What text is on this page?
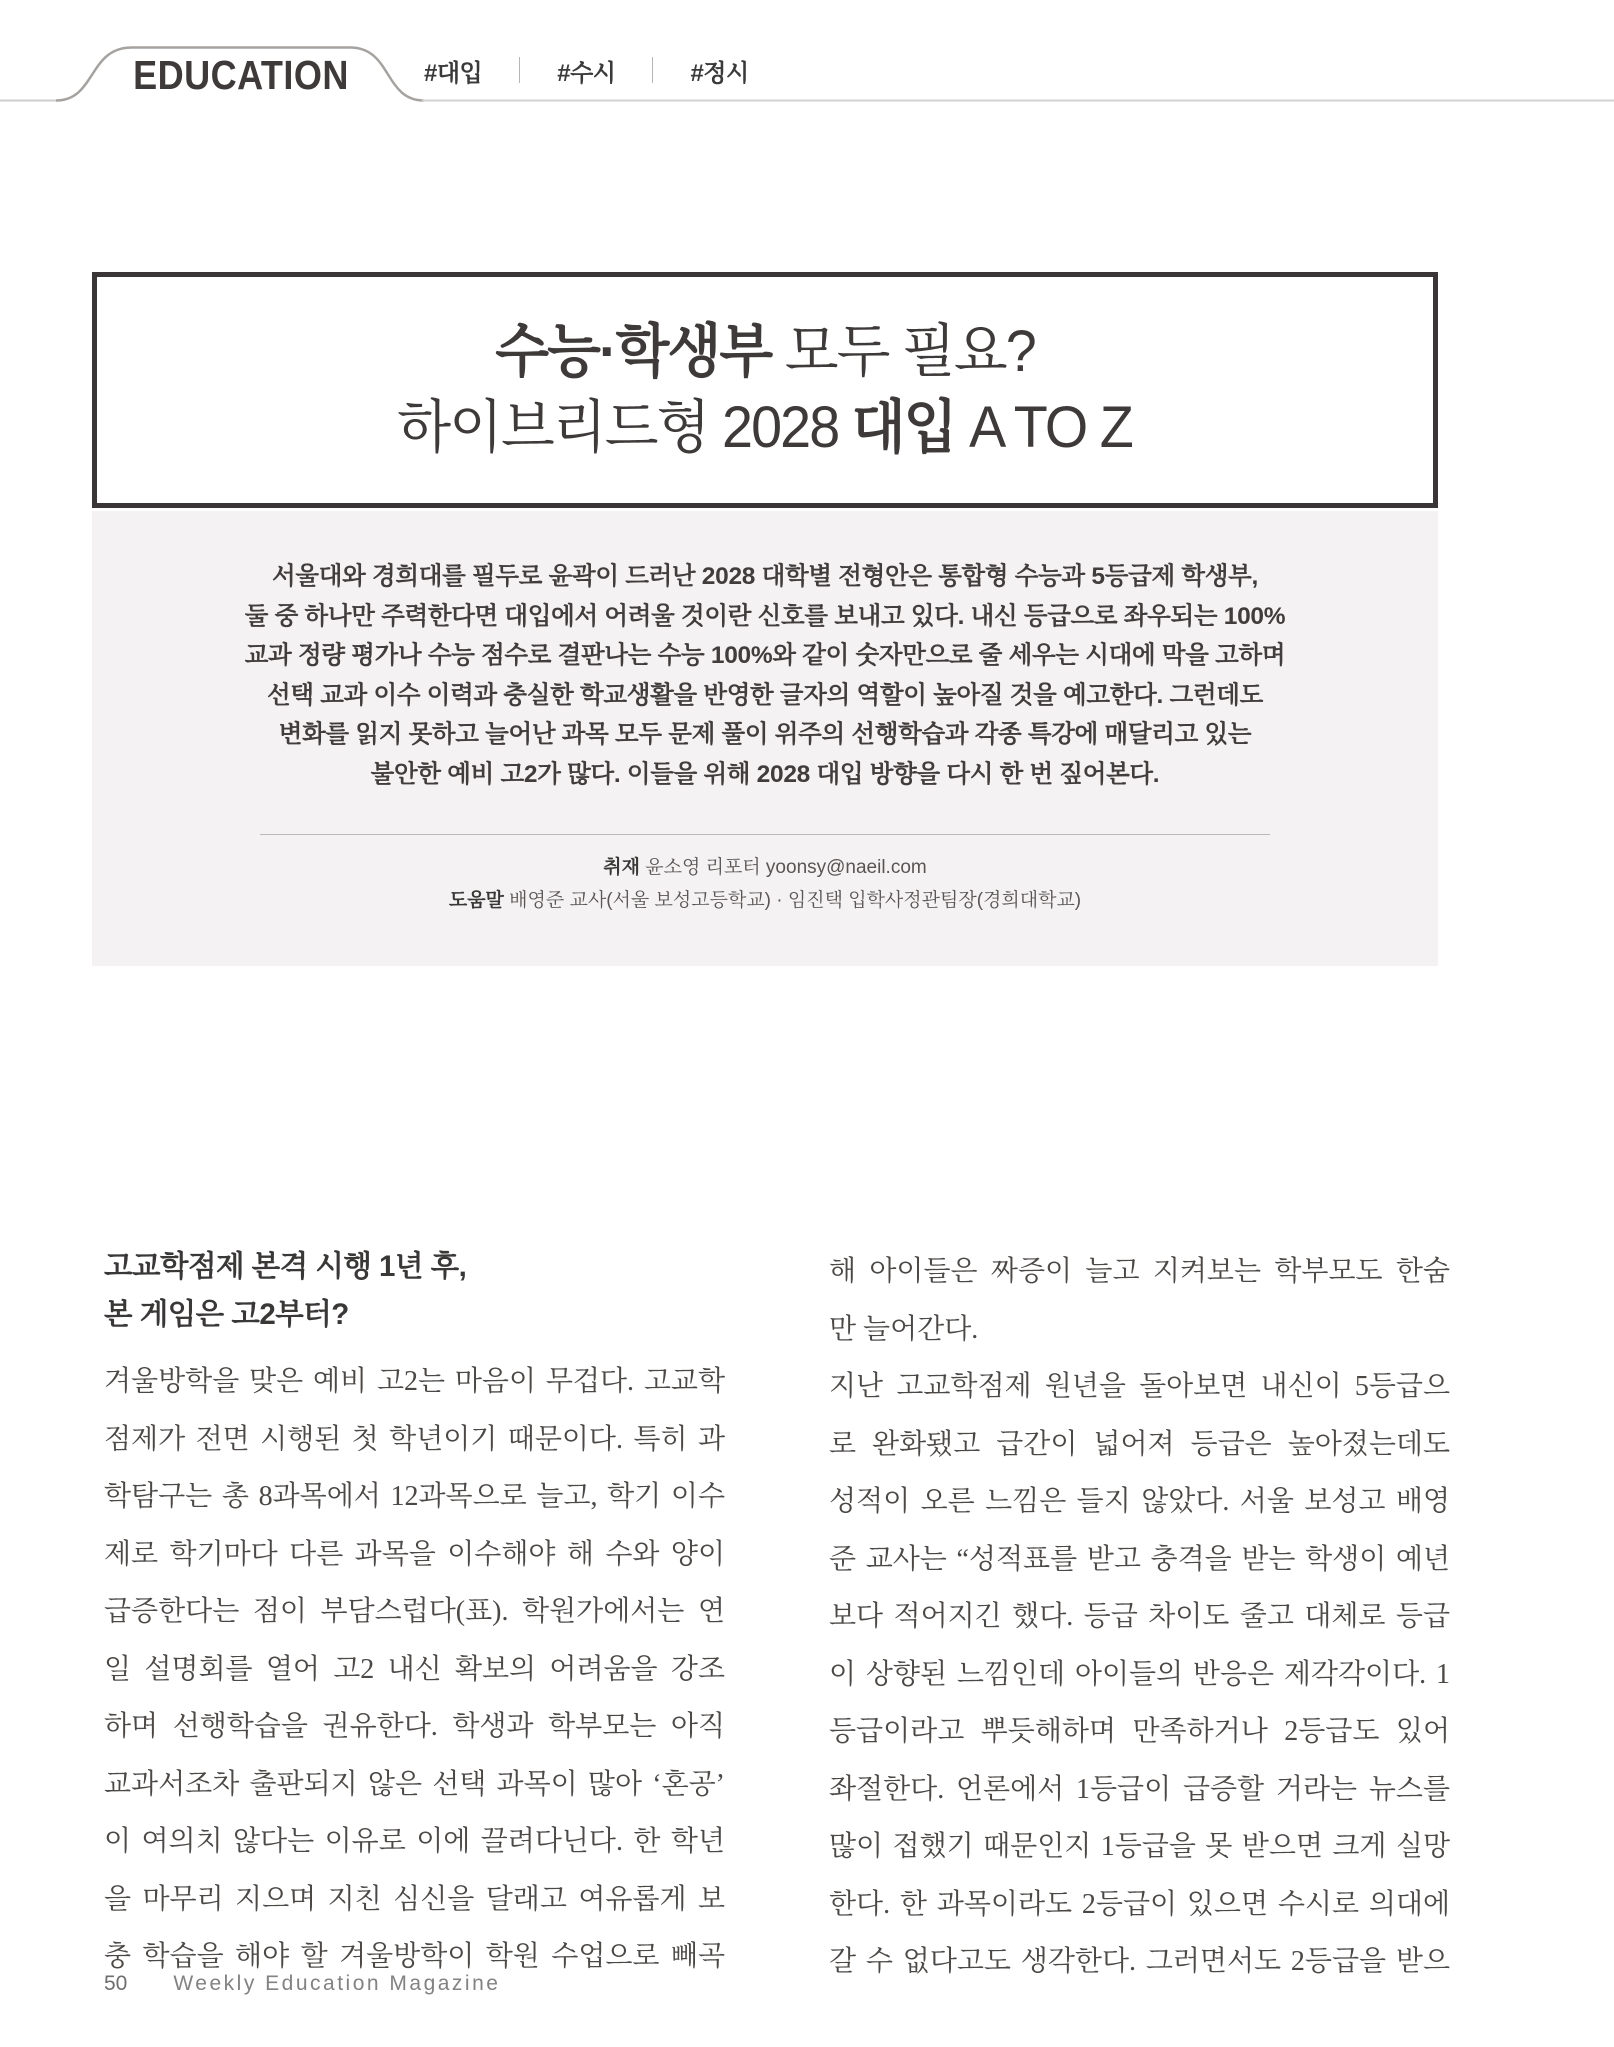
EDUCATION	#대입	#수시	#정시
수능·학생부 모두 필요?
하이브리드형 2028 대입 A TO Z
서울대와 경희대를 필두로 윤곽이 드러난 2028 대학별 전형안은 통합형 수능과 5등급제 학생부,
둘 중 하나만 주력한다면 대입에서 어려울 것이란 신호를 보내고 있다. 내신 등급으로 좌우되는 100%
교과 정량 평가나 수능 점수로 결판나는 수능 100%와 같이 숫자만으로 줄 세우는 시대에 막을 고하며
선택 교과 이수 이력과 충실한 학교생활을 반영한 글자의 역할이 높아질 것을 예고한다. 그런데도
변화를 읽지 못하고 늘어난 과목 모두 문제 풀이 위주의 선행학습과 각종 특강에 매달리고 있는
불안한 예비 고2가 많다. 이들을 위해 2028 대입 방향을 다시 한 번 짚어본다.
취재 윤소영 리포터 yoonsy@naeil.com
도움말 배영준 교사(서울 보성고등학교) · 임진택 입학사정관팀장(경희대학교)
고교학점제 본격 시행 1년 후,
본 게임은 고2부터?
겨울방학을 맞은 예비 고2는 마음이 무겁다. 고교학
점제가 전면 시행된 첫 학년이기 때문이다. 특히 과
학탐구는 총 8과목에서 12과목으로 늘고, 학기 이수
제로 학기마다 다른 과목을 이수해야 해 수와 양이
급증한다는 점이 부담스럽다(표). 학원가에서는 연
일 설명회를 열어 고2 내신 확보의 어려움을 강조
하며 선행학습을 권유한다. 학생과 학부모는 아직
교과서조차 출판되지 않은 선택 과목이 많아 ‘혼공’
이 여의치 않다는 이유로 이에 끌려다닌다. 한 학년
을 마무리 지으며 지친 심신을 달래고 여유롭게 보
충 학습을 해야 할 겨울방학이 학원 수업으로 빼곡
해 아이들은 짜증이 늘고 지켜보는 학부모도 한숨
만 늘어간다.
지난 고교학점제 원년을 돌아보면 내신이 5등급으
로 완화됐고 급간이 넓어져 등급은 높아졌는데도
성적이 오른 느낌은 들지 않았다. 서울 보성고 배영
준 교사는 “성적표를 받고 충격을 받는 학생이 예년
보다 적어지긴 했다. 등급 차이도 줄고 대체로 등급
이 상향된 느낌인데 아이들의 반응은 제각각이다. 1
등급이라고 뿌듯해하며 만족하거나 2등급도 있어
좌절한다. 언론에서 1등급이 급증할 거라는 뉴스를
많이 접했기 때문인지 1등급을 못 받으면 크게 실망
한다. 한 과목이라도 2등급이 있으면 수시로 의대에
갈 수 없다고도 생각한다. 그러면서도 2등급을 받으
50 Weekly Education Magazine
